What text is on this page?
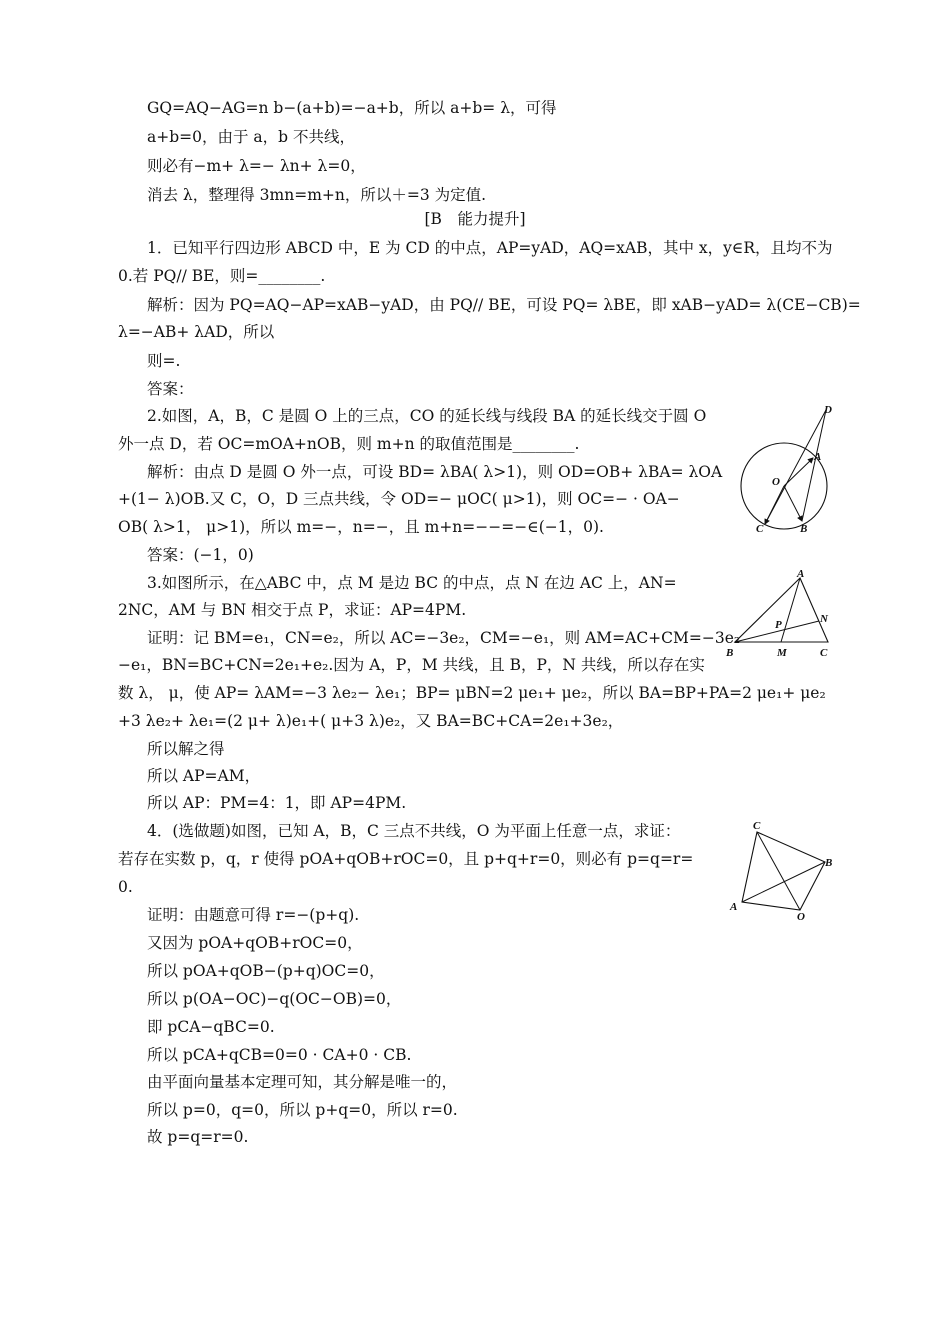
GQ=AQ−AG=n b−(a+b)=−a+b，所以 a+b= λ，可得
a+b=0，由于 a，b 不共线，
则必有−m+ λ=− λn+ λ=0，
消去 λ，整理得 3mn=m+n，所以＋=3 为定值.
[B　能力提升]
1．已知平行四边形 ABCD 中，E 为 CD 的中点，AP=yAD，AQ=xAB，其中 x，y∈R，且均不为
0.若 PQ// BE，则=________.
解析：因为 PQ=AQ−AP=xAB−yAD，由 PQ// BE，可设 PQ= λBE，即 xAB−yAD= λ(CE−CB)=
λ=−AB+ λAD，所以
则=.
答案：
2.如图，A，B，C 是圆 O 上的三点，CO 的延长线与线段 BA 的延长线交于圆 O
外一点 D，若 OC=mOA+nOB，则 m+n 的取值范围是________.
解析：由点 D 是圆 O 外一点，可设 BD= λBA( λ>1)，则 OD=OB+ λBA= λOA
+(1− λ)OB.又 C，O，D 三点共线，令 OD=− μOC( μ>1)，则 OC=− · OA−
OB( λ>1， μ>1)，所以 m=−，n=−，且 m+n=−−=−∈(−1，0).
答案：(−1，0)
3.如图所示，在△ABC 中，点 M 是边 BC 的中点，点 N 在边 AC 上，AN=
2NC，AM 与 BN 相交于点 P，求证：AP=4PM.
证明：记 BM=e₁，CN=e₂，所以 AC=−3e₂，CM=−e₁，则 AM=AC+CM=−3e₂
−e₁，BN=BC+CN=2e₁+e₂.因为 A，P，M 共线，且 B，P，N 共线，所以存在实
数 λ， μ，使 AP= λAM=−3 λe₂− λe₁；BP= μBN=2 μe₁+ μe₂，所以 BA=BP+PA=2 μe₁+ μe₂
+3 λe₂+ λe₁=(2 μ+ λ)e₁+( μ+3 λ)e₂，又 BA=BC+CA=2e₁+3e₂，
所以解之得
所以 AP=AM，
所以 AP：PM=4：1，即 AP=4PM.
4．(选做题)如图，已知 A，B，C 三点不共线，O 为平面上任意一点，求证：
若存在实数 p，q，r 使得 pOA+qOB+rOC=0，且 p+q+r=0，则必有 p=q=r=
0.
证明：由题意可得 r=−(p+q).
又因为 pOA+qOB+rOC=0，
所以 pOA+qOB−(p+q)OC=0，
所以 p(OA−OC)−q(OC−OB)=0，
即 pCA−qBC=0.
所以 pCA+qCB=0=0 · CA+0 · CB.
由平面向量基本定理可知，其分解是唯一的，
所以 p=0，q=0，所以 p+q=0，所以 r=0.
故 p=q=r=0.
D
A
O
C	B
A
P	N
B	M	C
C
B
A
O
